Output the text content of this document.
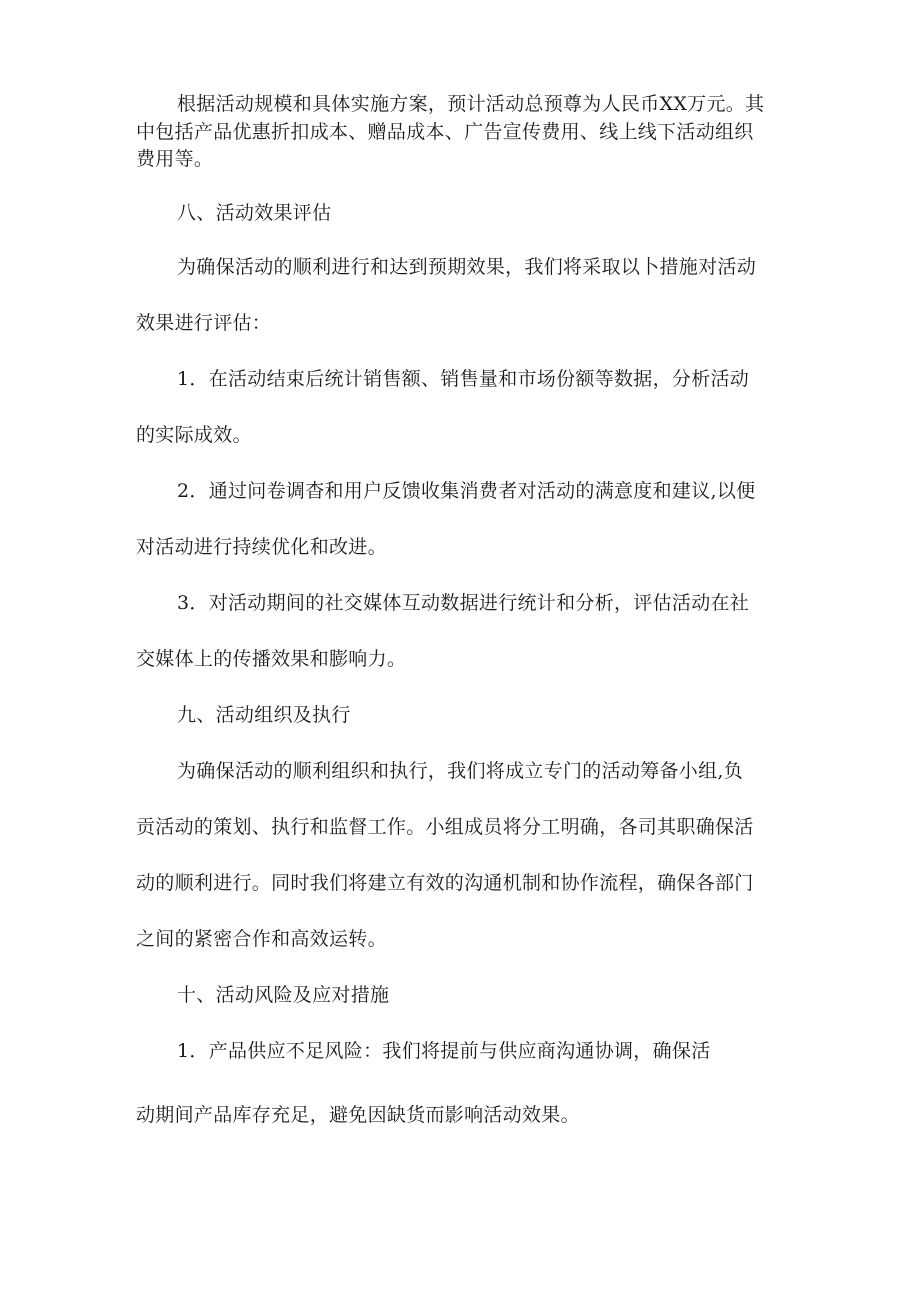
根据活动规模和具体实施方案，预计活动总预尊为人民币XX万元。其
中包括产品优惠折扣成本、赠品成本、广告宣传费用、线上线下活动组织
费用等。
八、活动效果评估
为确保活动的顺利进行和达到预期效果，我们将采取以卜措施对活动
效果进行评估：
1．在活动结束后统计销售额、销售量和市场份额等数据，分析活动
的实际成效。
2．通过问卷调杳和用户反馈收集消费者对活动的满意度和建议,以便
对活动进行持续优化和改进。
3．对活动期间的社交媒体互动数据进行统计和分析，评估活动在社
交媒体上的传播效果和膨响力。
九、活动组织及执行
为确保活动的顺利组织和执行，我们将成立专门的活动筹备小组,负
贡活动的策划、执行和监督工作。小组成员将分工明确，各司其职确保活
动的顺利进行。同时我们将建立有效的沟通机制和协作流程，确保各部门
之间的紧密合作和高效运转。
十、活动风险及应对措施
1．产品供应不足风险：我们将提前与供应商沟通协调，确保活
动期间产品库存充足，避免因缺货而影响活动效果。
